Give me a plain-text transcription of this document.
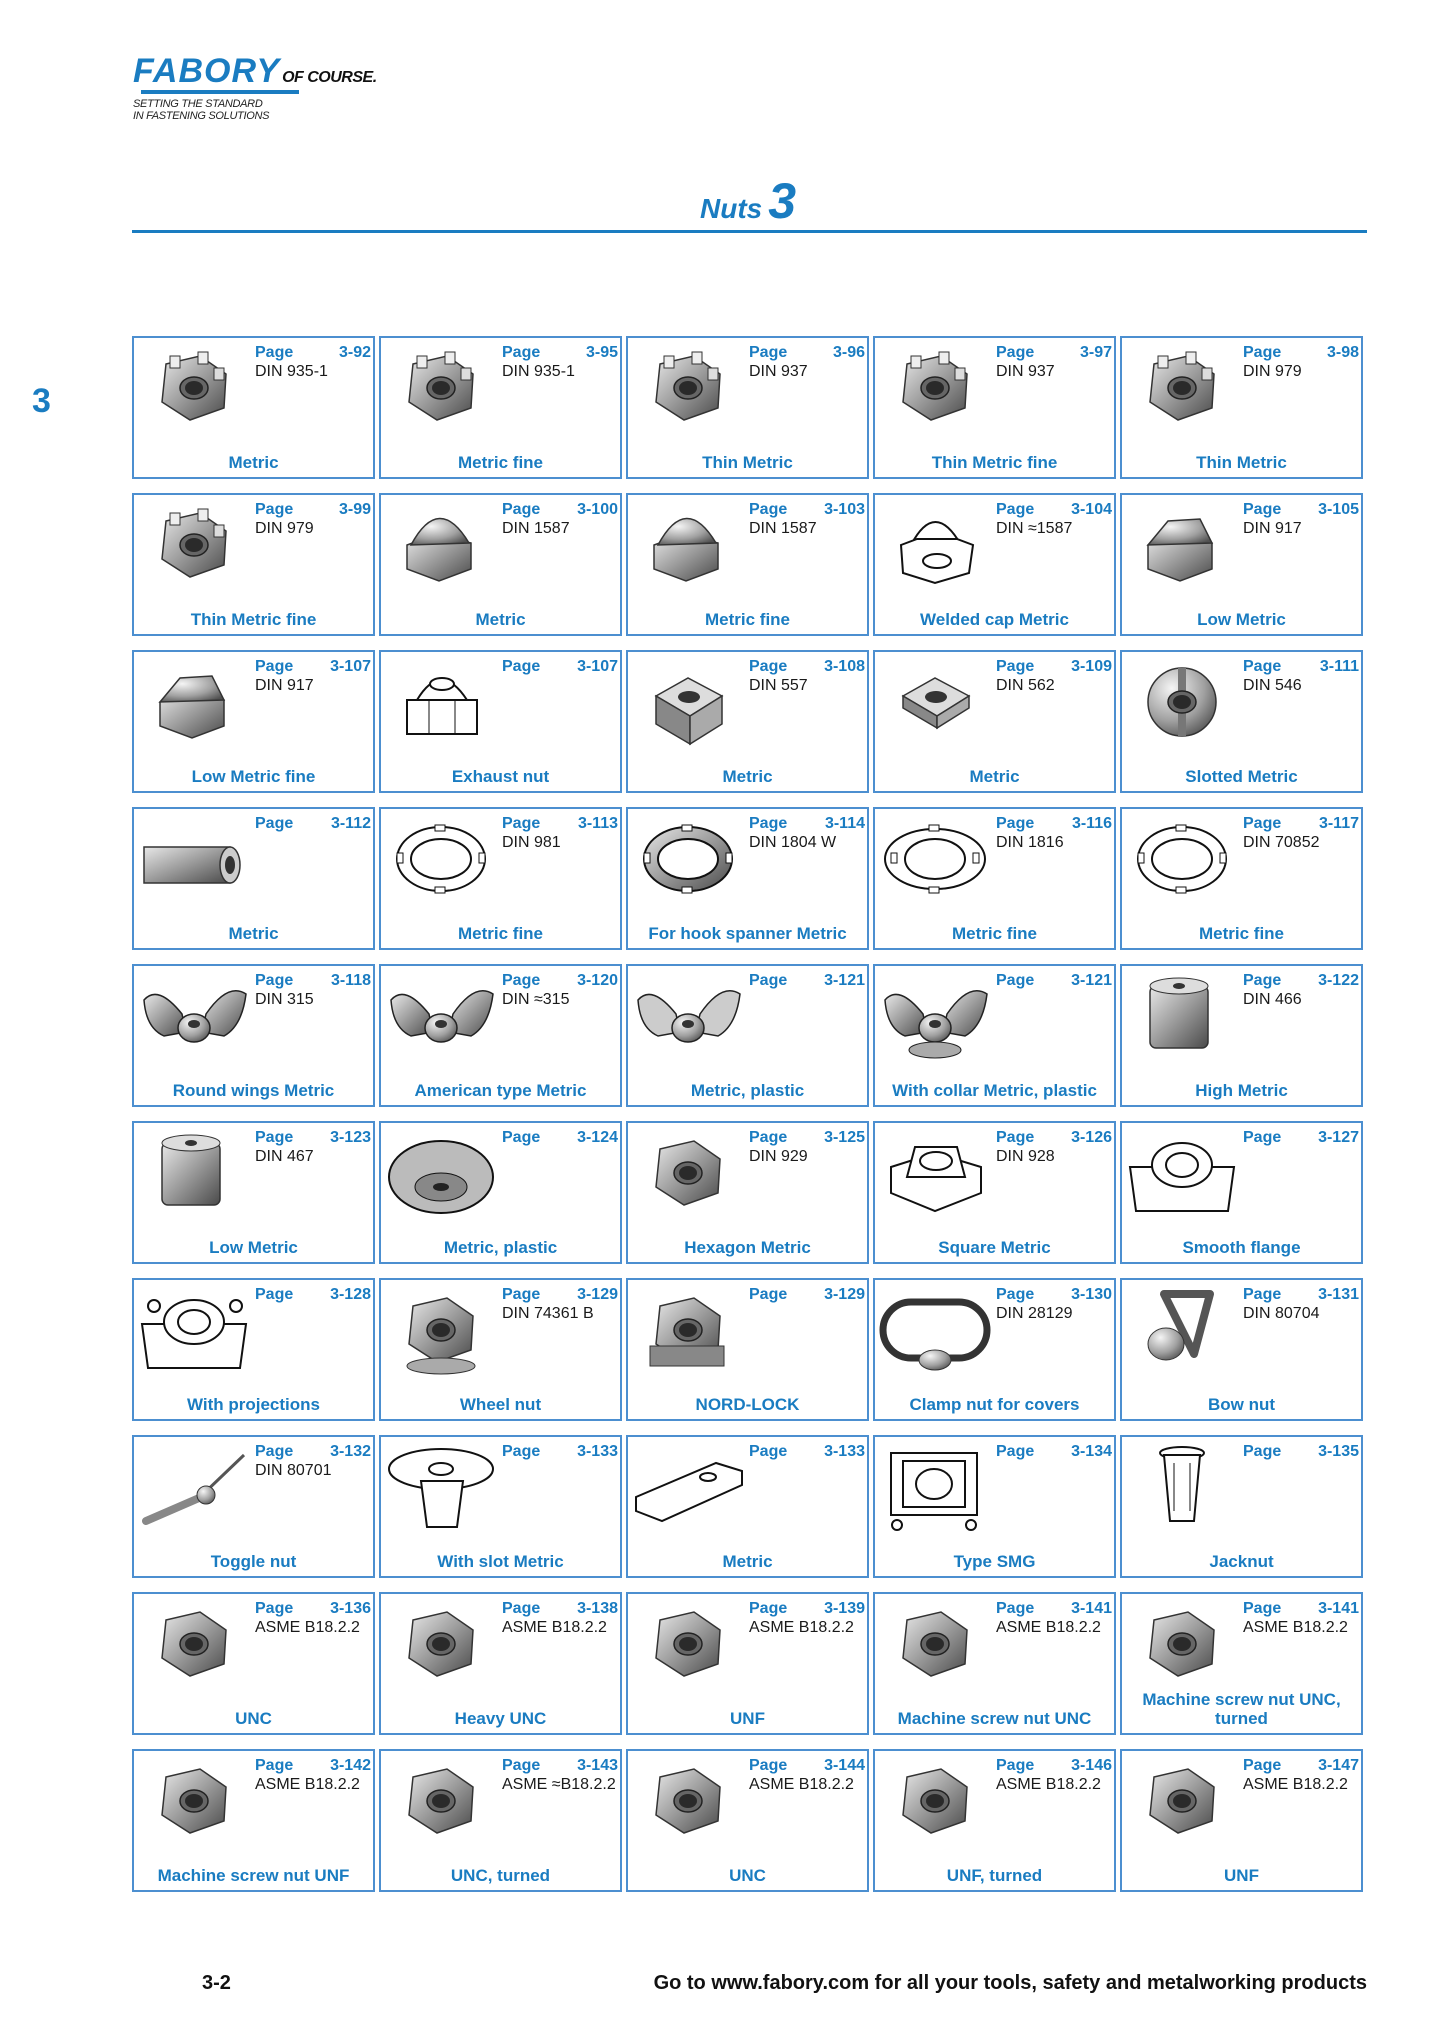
FABORY OF COURSE.
SETTING THE STANDARD
IN FASTENING SOLUTIONS
Nuts 3
3
Page	3-92
DIN 935-1
Metric
Page	3-95
DIN 935-1
Metric fine
Page	3-96
DIN 937
Thin Metric
Page	3-97
DIN 937
Thin Metric fine
Page	3-98
DIN 979
Thin Metric
Page	3-99
DIN 979
Thin Metric fine
Page 3-100
DIN 1587
Metric
Page 3-103
DIN 1587
Metric fine
Page 3-104
DIN ≈1587
Welded cap Metric
Page 3-105
DIN 917
Low Metric
Page 3-107
DIN 917
Low Metric fine
Page 3-107
Exhaust nut
Page 3-108
DIN 557
Metric
Page 3-109
DIN 562
Metric
Page 3-111
DIN 546
Slotted Metric
Page 3-112
Metric
Page 3-113
DIN 981
Metric fine
Page 3-114
DIN 1804 W
For hook spanner Metric
Page 3-116
DIN 1816
Metric fine
Page 3-117
DIN 70852
Metric fine
Page 3-118
DIN 315
Round wings Metric
Page 3-120
DIN ≈315
American type Metric
Page 3-121
Metric, plastic
Page 3-121
With collar Metric, plastic
Page 3-122
DIN 466
High Metric
Page 3-123
DIN 467
Low Metric
Page 3-124
Metric, plastic
Page 3-125
DIN 929
Hexagon Metric
Page 3-126
DIN 928
Square Metric
Page 3-127
Smooth flange
Page 3-128
With projections
Page 3-129
DIN 74361 B
Wheel nut
Page 3-129
NORD-LOCK
Page 3-130
DIN 28129
Clamp nut for covers
Page 3-131
DIN 80704
Bow nut
Page 3-132
DIN 80701
Toggle nut
Page 3-133
With slot Metric
Page 3-133
Metric
Page 3-134
Type SMG
Page 3-135
Jacknut
Page 3-136
ASME B18.2.2
UNC
Page 3-138
ASME B18.2.2
Heavy UNC
Page 3-139
ASME B18.2.2
UNF
Page 3-141
ASME B18.2.2
Machine screw nut UNC
Page 3-141
ASME B18.2.2
Machine screw nut UNC, turned
Page 3-142
ASME B18.2.2
Machine screw nut UNF
Page 3-143
ASME ≈B18.2.2
UNC, turned
Page 3-144
ASME B18.2.2
UNC
Page 3-146
ASME B18.2.2
UNF, turned
Page 3-147
ASME B18.2.2
UNF
3-2	Go to www.fabory.com for all your tools, safety and metalworking products
